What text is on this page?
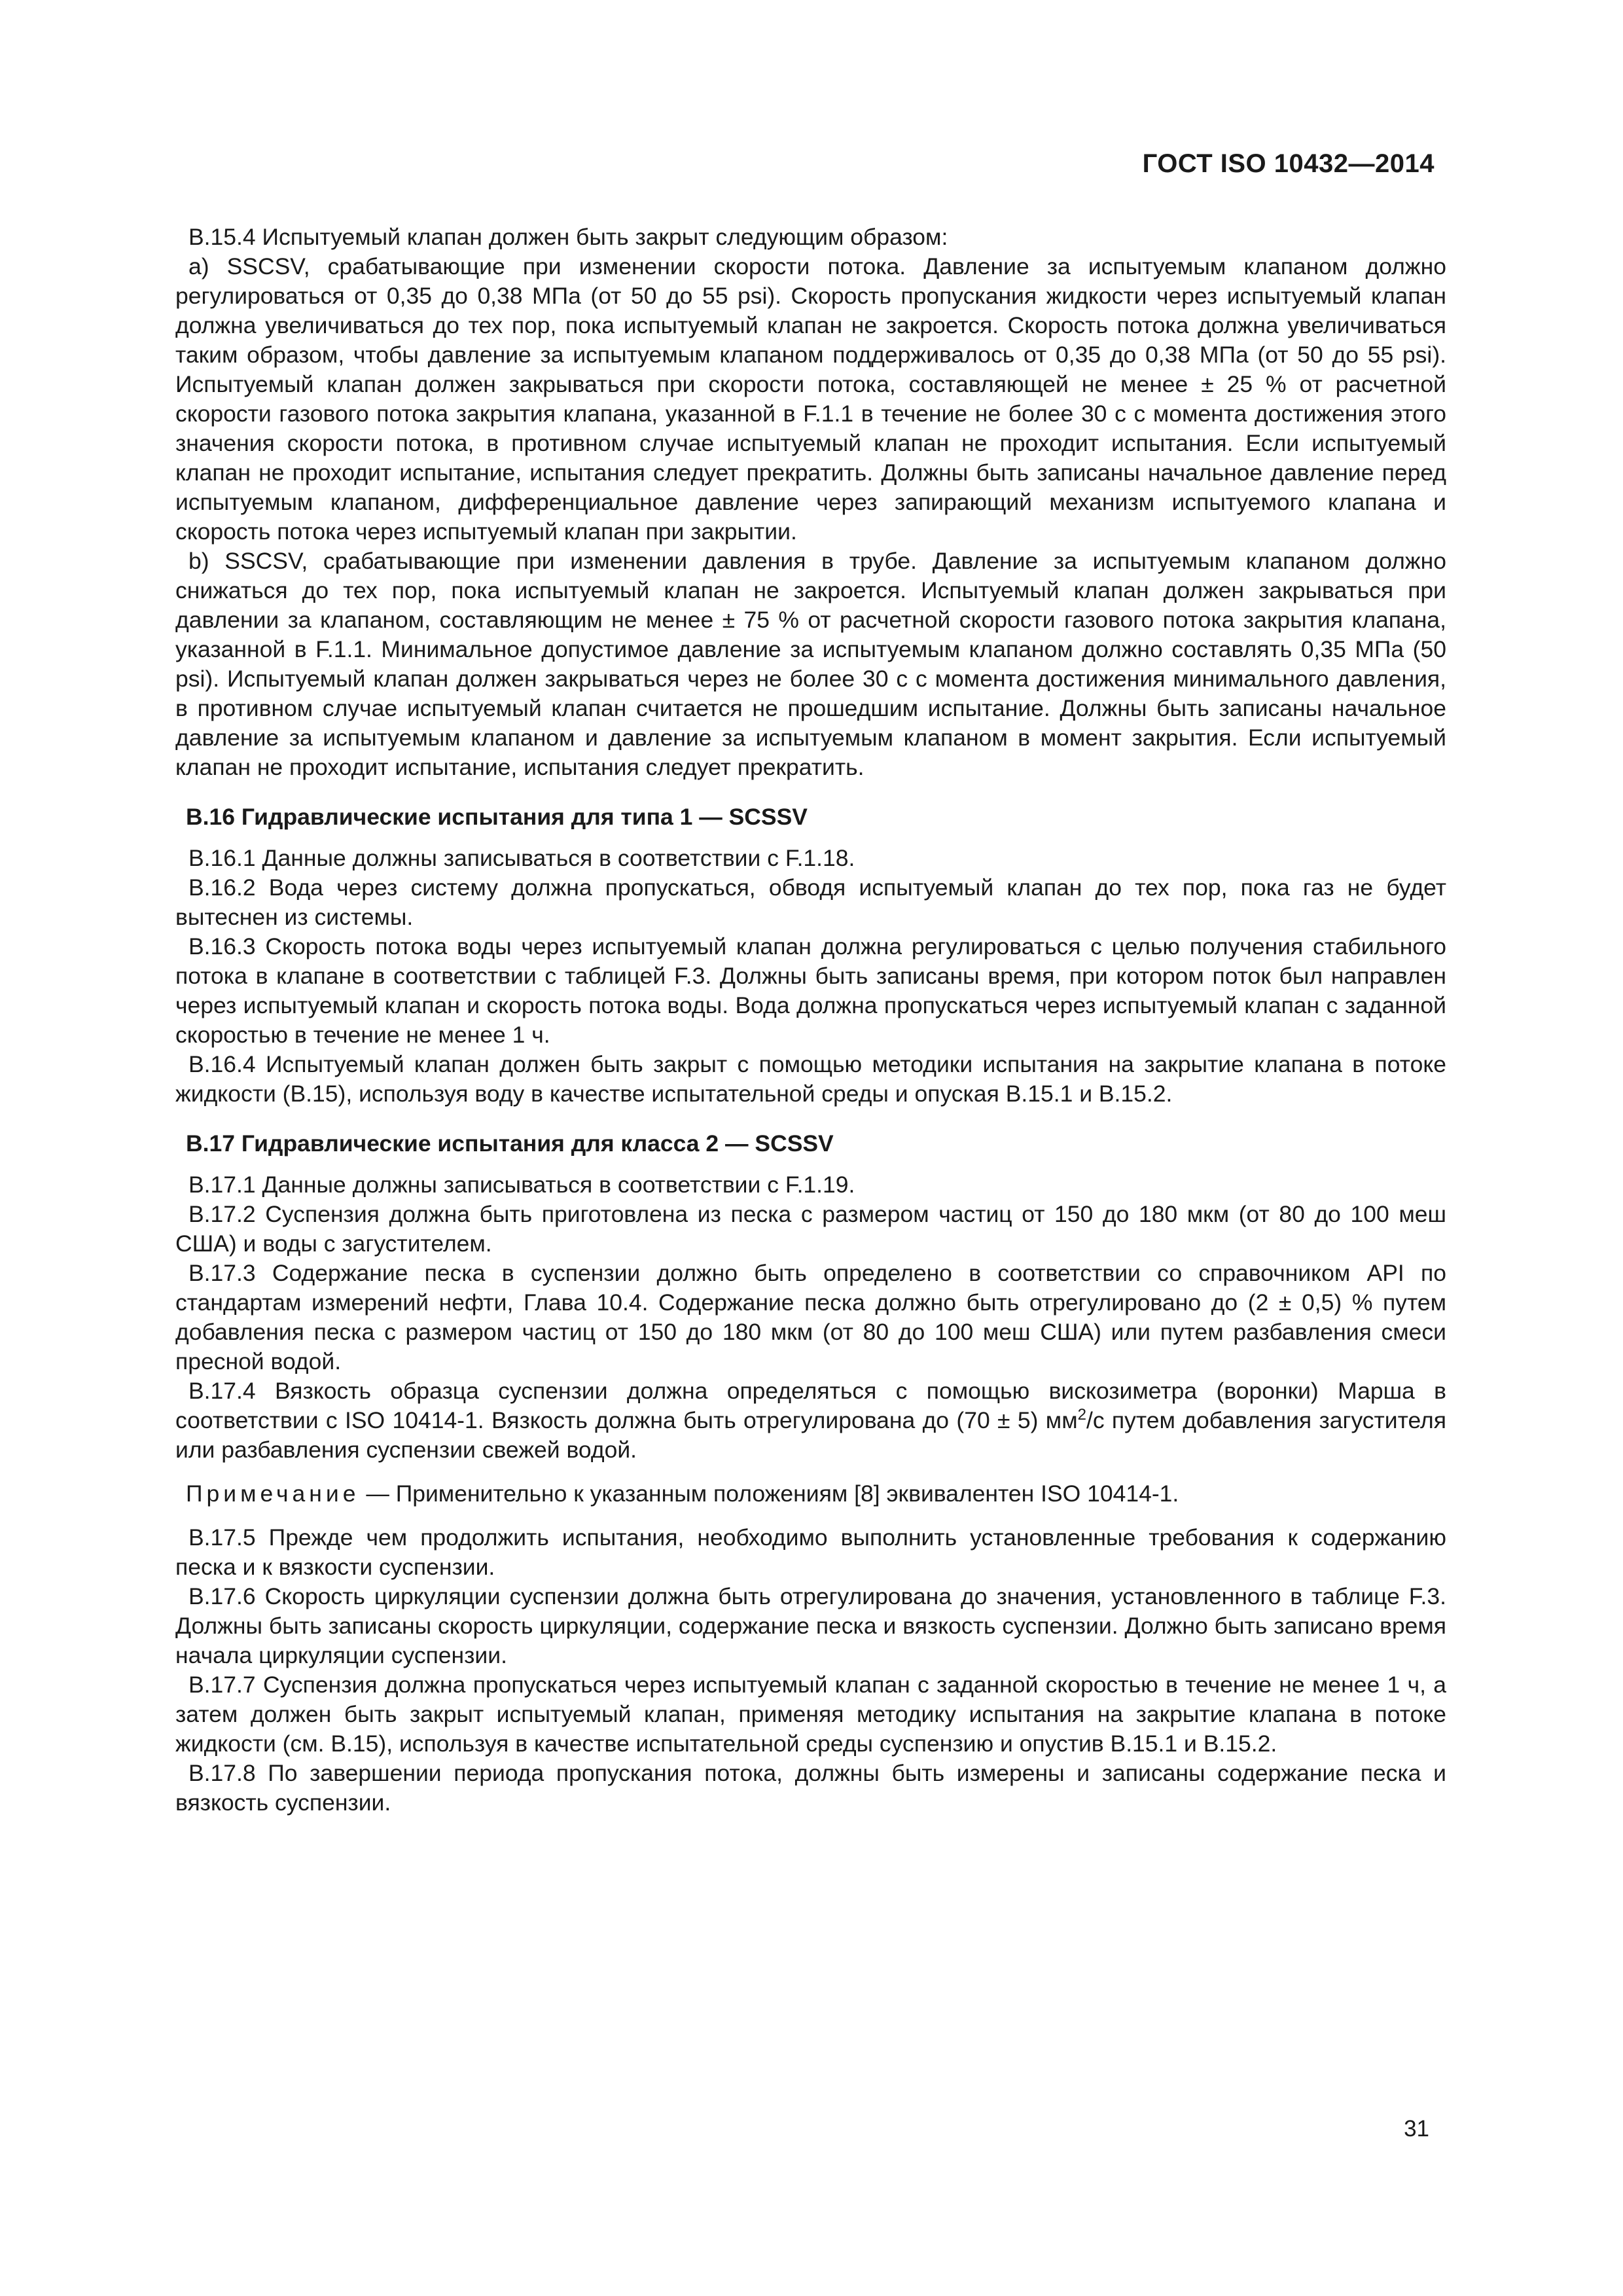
ГОСТ ISO 10432—2014

В.15.4 Испытуемый клапан должен быть закрыт следующим образом:

а) SSCSV, срабатывающие при изменении скорости потока. Давление за испытуемым клапаном должно регулироваться от 0,35 до 0,38 МПа (от 50 до 55 psi). Скорость пропускания жидкости через испытуемый клапан должна увеличиваться до тех пор, пока испытуемый клапан не закроется. Скорость потока должна увеличиваться таким образом, чтобы давление за испытуемым клапаном поддерживалось от 0,35 до 0,38 МПа (от 50 до 55 psi). Испытуемый клапан должен закрываться при скорости потока, составляющей не менее ± 25 % от расчетной скорости газового потока закрытия клапана, указанной в F.1.1 в течение не более 30 с с момента достижения этого значения скорости потока, в противном случае испытуемый клапан не проходит испытания. Если испытуемый клапан не проходит испытание, испытания следует прекратить. Должны быть записаны начальное давление перед испытуемым клапаном, дифференциальное давление через запирающий механизм испытуемого клапана и скорость потока через испытуемый клапан при закрытии.

b) SSCSV, срабатывающие при изменении давления в трубе. Давление за испытуемым клапаном должно снижаться до тех пор, пока испытуемый клапан не закроется. Испытуемый клапан должен закрываться при давлении за клапаном, составляющим не менее ± 75 % от расчетной скорости газового потока закрытия клапана, указанной в F.1.1. Минимальное допустимое давление за испытуемым клапаном должно составлять 0,35 МПа (50 psi). Испытуемый клапан должен закрываться через не более 30 с с момента достижения минимального давления, в противном случае испытуемый клапан считается не прошедшим испытание. Должны быть записаны начальное давление за испытуемым клапаном и давление за испытуемым клапаном в момент закрытия. Если испытуемый клапан не проходит испытание, испытания следует прекратить.

В.16 Гидравлические испытания для типа 1 — SCSSV

В.16.1 Данные должны записываться в соответствии с F.1.18.

В.16.2 Вода через систему должна пропускаться, обводя испытуемый клапан до тех пор, пока газ не будет вытеснен из системы.

В.16.3 Скорость потока воды через испытуемый клапан должна регулироваться с целью получения стабильного потока в клапане в соответствии с таблицей F.3. Должны быть записаны время, при котором поток был направлен через испытуемый клапан и скорость потока воды. Вода должна пропускаться через испытуемый клапан с заданной скоростью в течение не менее 1 ч.

В.16.4 Испытуемый клапан должен быть закрыт с помощью методики испытания на закрытие клапана в потоке жидкости (В.15), используя воду в качестве испытательной среды и опуская В.15.1 и В.15.2.

В.17 Гидравлические испытания для класса 2 — SCSSV

В.17.1 Данные должны записываться в соответствии с F.1.19.

В.17.2 Суспензия должна быть приготовлена из песка с размером частиц от 150 до 180 мкм (от 80 до 100 меш США) и воды с загустителем.

В.17.3 Содержание песка в суспензии должно быть определено в соответствии со справочником API по стандартам измерений нефти, Глава 10.4. Содержание песка должно быть отрегулировано до (2 ± 0,5) % путем добавления песка с размером частиц от 150 до 180 мкм (от 80 до 100 меш США) или путем разбавления смеси пресной водой.

В.17.4 Вязкость образца суспензии должна определяться с помощью вискозиметра (воронки) Марша в соответствии с ISO 10414-1. Вязкость должна быть отрегулирована до (70 ± 5) $мм^2/с$ путем добавления загустителя или разбавления суспензии свежей водой.

Примечание — Применительно к указанным положениям [8] эквивалентен ISO 10414-1.

В.17.5 Прежде чем продолжить испытания, необходимо выполнить установленные требования к содержанию песка и к вязкости суспензии.

В.17.6 Скорость циркуляции суспензии должна быть отрегулирована до значения, установленного в таблице F.3. Должны быть записаны скорость циркуляции, содержание песка и вязкость суспензии. Должно быть записано время начала циркуляции суспензии.

В.17.7 Суспензия должна пропускаться через испытуемый клапан с заданной скоростью в течение не менее 1 ч, а затем должен быть закрыт испытуемый клапан, применяя методику испытания на закрытие клапана в потоке жидкости (см. В.15), используя в качестве испытательной среды суспензию и опустив В.15.1 и В.15.2.

В.17.8 По завершении периода пропускания потока, должны быть измерены и записаны содержание песка и вязкость суспензии.

31
